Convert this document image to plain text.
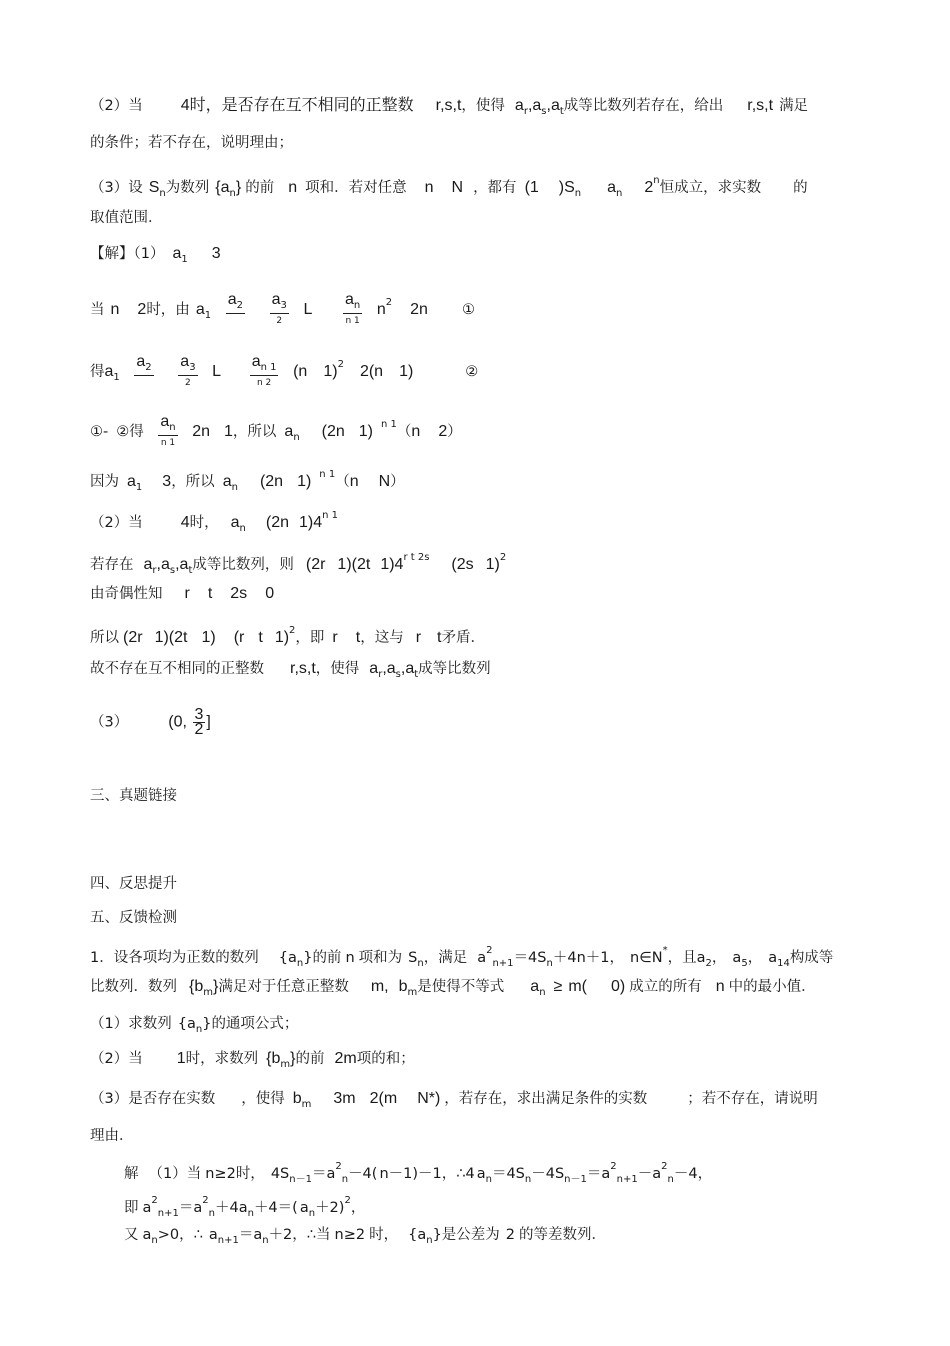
（2）当 4时，是否存在互不相同的正整数 r,s,t，使得 $a_r,a_s,a_t$成等比数列若存在，给出 r,s,t 满足
的条件；若不存在，说明理由；
（3）设 $S_n$为数列 $\{a_n\}$ 的前 n 项和．若对任意 n N ，都有 (1 )$S_n$ $a_n$ 2$^n$恒成立，求实数 的
取值范围．
【解】（1） $a_1$ 3
当 n 2时，由 $a_1$
$a_2$

$\frac{a_3}{2}$ L $\frac{a_n}{n 1} n^2$ 2n ①
得$a_1$
$a_2$

$\frac{a_3}{2}$ L $\frac{a_{n 1}}{n 2} (n$ 1)$^2$ 2(n 1)	②
①- ②得 $\frac{a_n}{n 1} 2n$ 1，所以 $a_n$ (2n 1) $^{n 1}$（n 2）
因为 $a_1$ 3，所以 $a_n$ (2n 1) $^{n 1}$（n N）
（2）当 4时， $a_n$ (2n $1)4^{n 1}$
若存在 $a_r,a_s,a_t$成等比数列，则 (2r 1)(2t $1)4^{r t 2s}$ (2s 1)$^2$
由奇偶性知 r t 2s 0
所以 (2r 1)(2t 1) (r t 1)$^2$，即 r t，这与 r t矛盾．
故不存在互不相同的正整数 r,s,t，使得 $a_r,a_s,a_t$成等比数列
（3）	(0, $\frac{3}{2}$ ]
三、真题链接
四、反思提升
五、反馈检测
1．设各项均为正数的数列 $\{a_n\}$的前 n 项和为 $S_n$，满足 $a^2_{n+1}=4S_n+4n+1$， n∈N*，且$a_2$， $a_5$， $a_{14}$构成等
比数列．数列 $\{b_m\}$满足对于任意正整数 m, $b_m$是使得不等式 $a_n \ge m$( 0) 成立的所有 n 中的最小值．
（1）求数列 $\{a_n\}$的通项公式；
（2）当 1时，求数列 $\{b_m\}$的前 2m项的和；
（3）是否存在实数 ，使得 $b_m$ 3m 2(m N*) ，若存在，求出满足条件的实数	；若不存在，请说明
理由．
解 （1）当 n≥2时， $4S_{n-1}=a^2_n-4$( n－1)－1，∴4 $a_n=4S_n-4S_{n-1}=a^2_{n+1}-a^2_n-4$，
即 $a^2_{n+1}=a^2_n+4a_n+4=$( $a_n+2)^2$，
又 $a_n>0$，∴ $a_{n+1}=a_n+2$，∴当 n≥2 时， $\{a_n\}$是公差为 2 的等差数列．
